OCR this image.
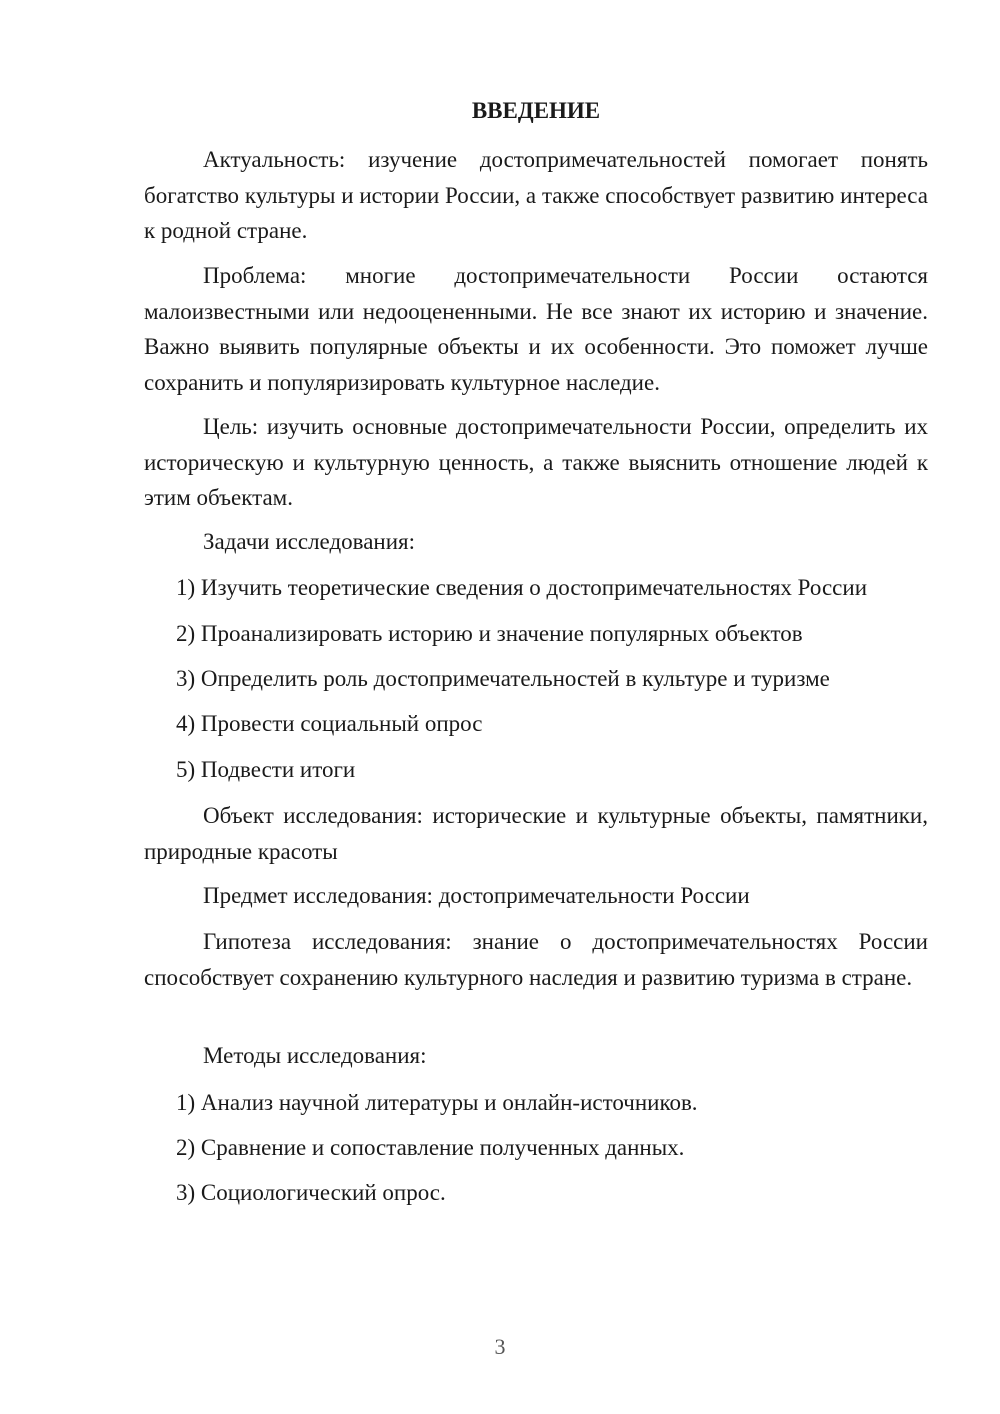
ВВЕДЕНИЕ

Актуальность: изучение достопримечательностей помогает понять богатство культуры и истории России, а также способствует развитию интереса к родной стране.

Проблема: многие достопримечательности России остаются малоизвестными или недооцененными. Не все знают их историю и значение. Важно выявить популярные объекты и их особенности. Это поможет лучше сохранить и популяризировать культурное наследие.

Цель: изучить основные достопримечательности России, определить их историческую и культурную ценность, а также выяснить отношение людей к этим объектам.

Задачи исследования:
1) Изучить теоретические сведения о достопримечательностях России
2) Проанализировать историю и значение популярных объектов
3) Определить роль достопримечательностей в культуре и туризме
4) Провести социальный опрос
5) Подвести итоги

Объект исследования: исторические и культурные объекты, памятники, природные красоты

Предмет исследования: достопримечательности России

Гипотеза исследования: знание о достопримечательностях России способствует сохранению культурного наследия и развитию туризма в стране.

Методы исследования:
1) Анализ научной литературы и онлайн-источников.
2) Сравнение и сопоставление полученных данных.
3) Социологический опрос.
3
